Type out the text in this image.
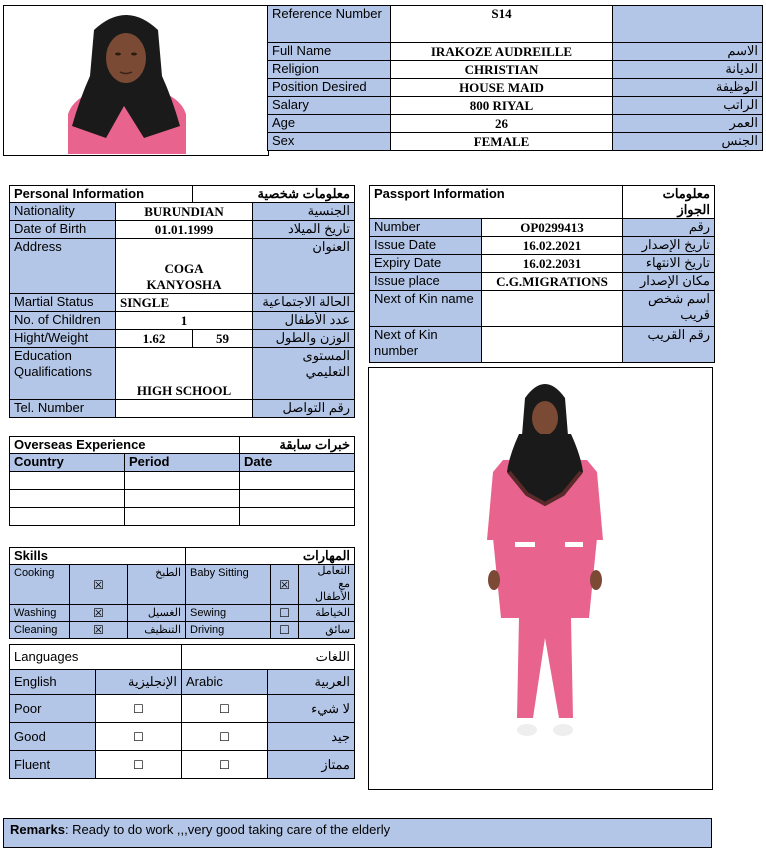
Reference Number	S14	
Full Name	IRAKOZE AUDREILLE	الاسم
Religion	CHRISTIAN	الديانة
Position Desired	HOUSE MAID	الوظيفة
Salary	800 RIYAL	الراتب
Age	26	العمر
Sex	FEMALE	الجنس
Personal Information		معلومات شخصية	
Nationality	BURUNDIAN		الجنسية
Date of Birth	01.01.1999		تاريخ الميلاد
Address	COGA KANYOSHA		العنوان
Martial Status	SINGLE		الحالة الاجتماعية
No. of Children	1		عدد الأطفال
Hight/Weight	1.62	59	الوزن والطول
Education Qualifications	HIGH SCHOOL		المستوى التعليمي
Tel. Number			رقم التواصل
Passport Information		معلومات الجواز
Number	OP0299413	رقم
Issue Date	16.02.2021	تاريخ الإصدار
Expiry Date	16.02.2031	تاريخ الانتهاء
Issue place	C.G.MIGRATIONS	مكان الإصدار
Next of Kin name		اسم شخص قريب
Next of Kin number		رقم القريب
Overseas Experience		خبرات سابقة
Country	Period	Date

Skills			المهارات		
Cooking	☒	الطبخ	Baby Sitting	☒	التعامل مع الأطفال
Washing	☒	الغسيل	Sewing	☐	الخياطة
Cleaning	☒	التنظيف	Driving	☐	سائق
Languages		اللغات	
English	الإنجليزية	Arabic	العربية
Poor	☐	☐	لا شيء
Good	☐	☐	جيد
Fluent	☐	☐	ممتاز
Remarks: Ready to do work ,,,very good taking care of the elderly
